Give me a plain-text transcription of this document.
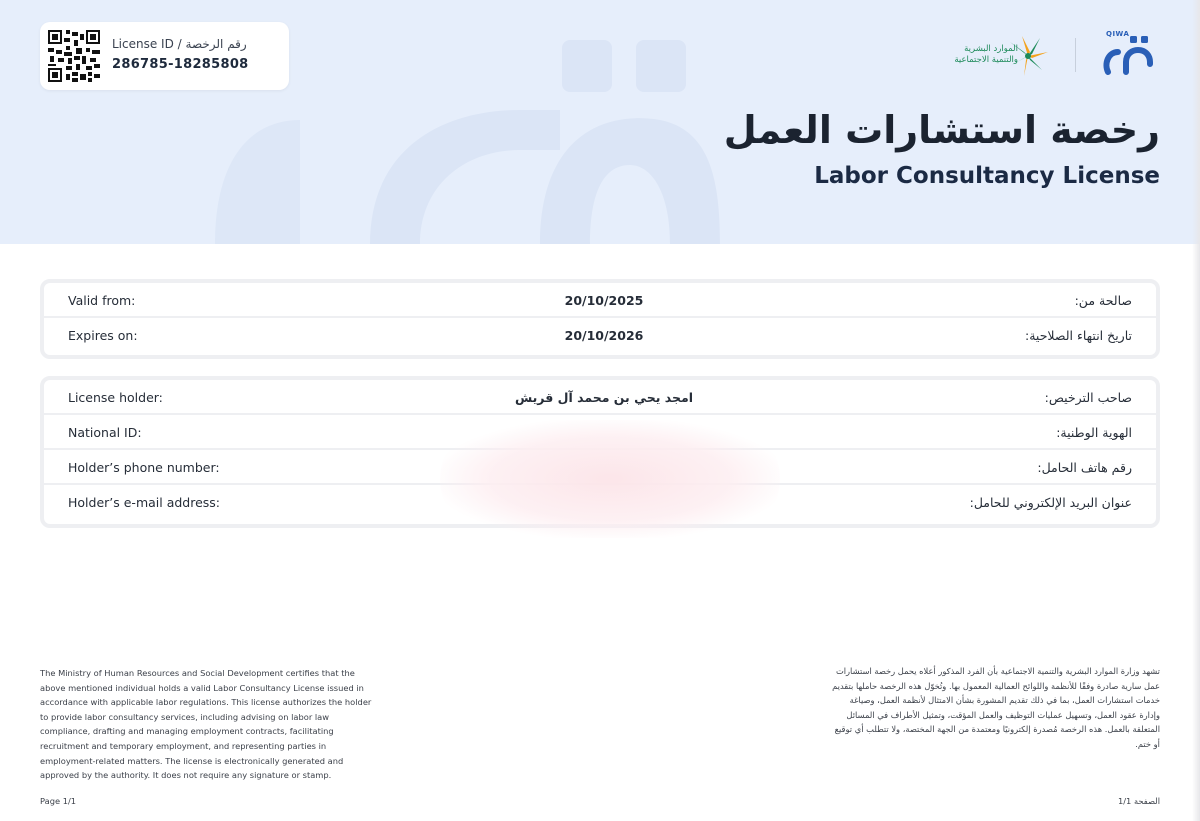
License ID / رقم الرخصة
286785-18285808
الموارد البشرية
والتنمية الاجتماعية
QIWA
رخصة استشارات العمل
Labor Consultancy License
Valid from:	20/10/2025	صالحة من:
Expires on:	20/10/2026	تاريخ انتهاء الصلاحية:
License holder:	امجد يحي بن محمد آل قريش	صاحب الترخيص:
National ID:	الهوية الوطنية:
Holder’s phone number:	رقم هاتف الحامل:
Holder’s e-mail address:	عنوان البريد الإلكتروني للحامل:
The Ministry of Human Resources and Social Development certifies that the above mentioned individual holds a valid Labor Consultancy License issued in accordance with applicable labor regulations. This license authorizes the holder to provide labor consultancy services, including advising on labor law compliance, drafting and managing employment contracts, facilitating recruitment and temporary employment, and representing parties in employment-related matters. The license is electronically generated and approved by the authority. It does not require any signature or stamp.
تشهد وزارة الموارد البشرية والتنمية الاجتماعية بأن الفرد المذكور أعلاه يحمل رخصة استشارات عمل سارية صادرة وفقًا للأنظمة واللوائح العمالية المعمول بها. وتُخوّل هذه الرخصة حاملها بتقديم خدمات استشارات العمل، بما في ذلك تقديم المشورة بشأن الامتثال لأنظمة العمل، وصياغة وإدارة عقود العمل، وتسهيل عمليات التوظيف والعمل المؤقت، وتمثيل الأطراف في المسائل المتعلقة بالعمل. هذه الرخصة مُصدرة إلكترونيًا ومعتمدة من الجهة المختصة، ولا تتطلب أي توقيع أو ختم.
Page 1/1	الصفحة 1/1
